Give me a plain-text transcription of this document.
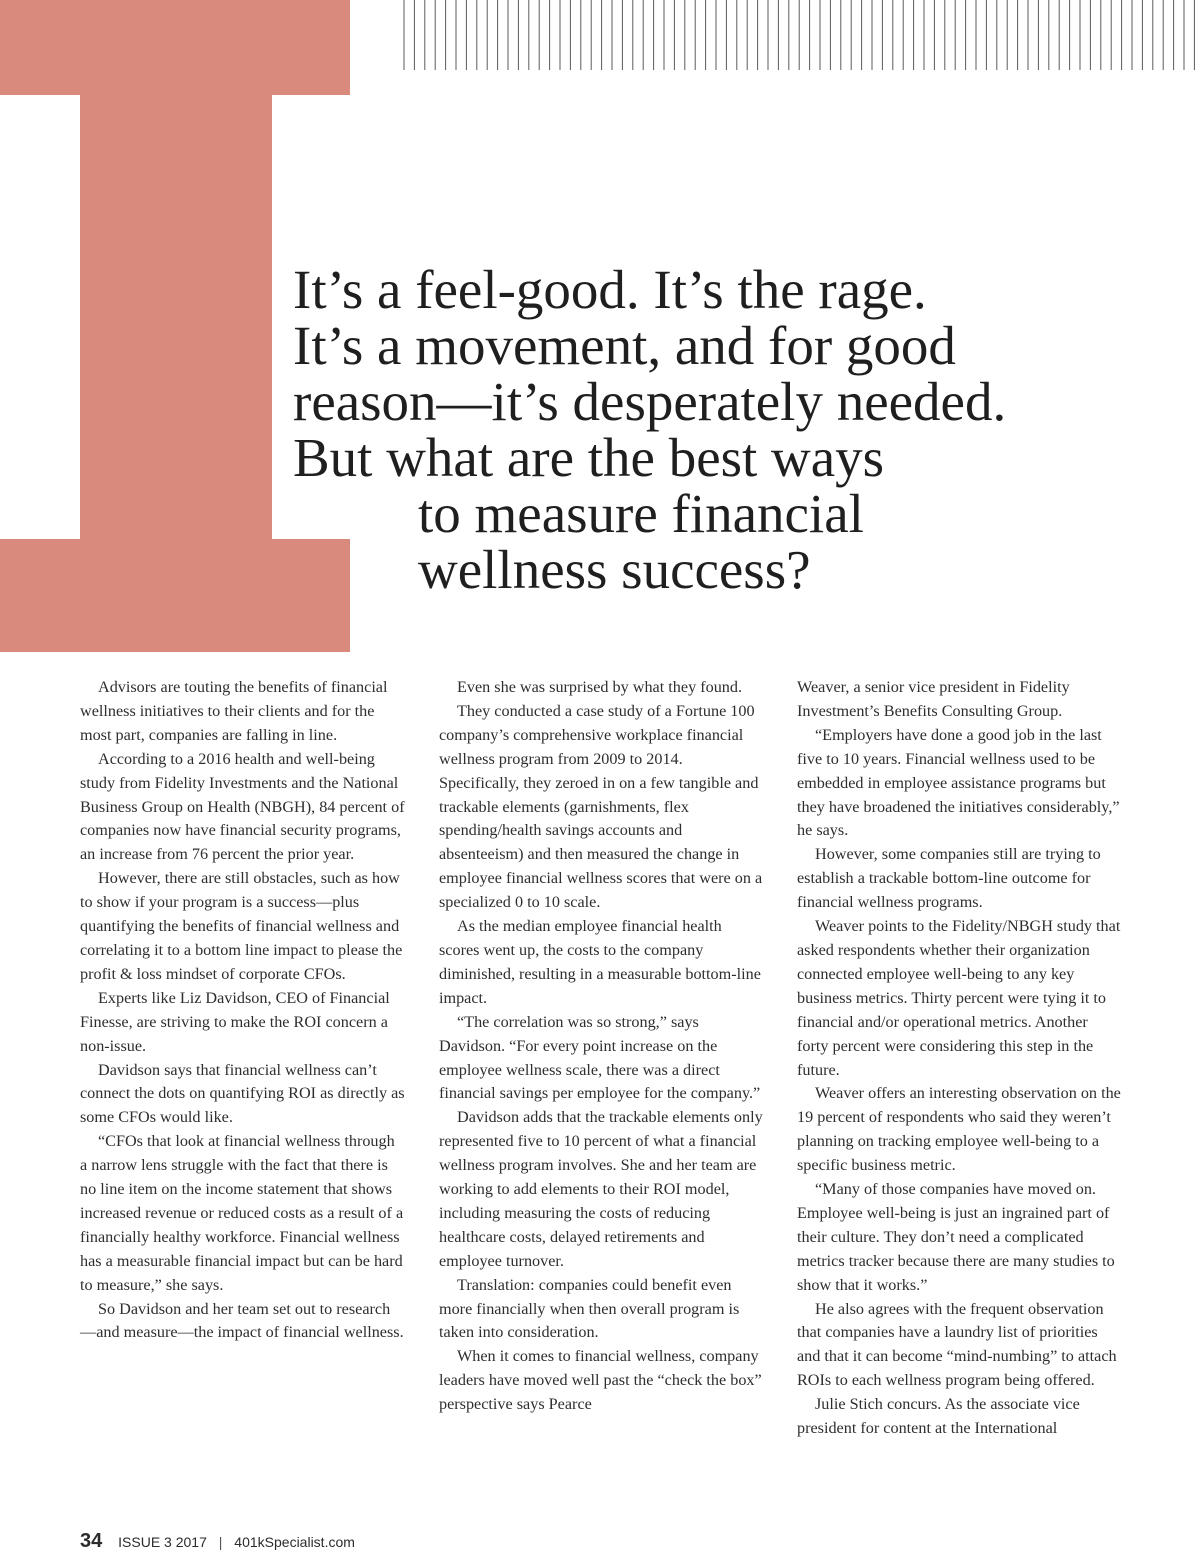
It’s a feel-good. It’s the rage.
It’s a movement, and for good
reason—it’s desperately needed.
But what are the best ways
to measure financial
wellness success?

Advisors are touting the benefits of financial wellness initiatives to their clients and for the most part, companies are falling in line.

According to a 2016 health and well-being study from Fidelity Investments and the National Business Group on Health (NBGH), 84 percent of companies now have financial security programs, an increase from 76 percent the prior year.

However, there are still obstacles, such as how to show if your program is a success—plus quantifying the benefits of financial wellness and correlating it to a bottom line impact to please the profit & loss mindset of corporate CFOs.

Experts like Liz Davidson, CEO of Financial Finesse, are striving to make the ROI concern a non-issue.

Davidson says that financial wellness can’t connect the dots on quantifying ROI as directly as some CFOs would like.

“CFOs that look at financial wellness through a narrow lens struggle with the fact that there is no line item on the income statement that shows increased revenue or reduced costs as a result of a financially healthy workforce. Financial wellness has a measurable financial impact but can be hard to measure,” she says.

So Davidson and her team set out to research—and measure—the impact of financial wellness.

Even she was surprised by what they found.

They conducted a case study of a Fortune 100 company’s comprehensive workplace financial wellness program from 2009 to 2014. Specifically, they zeroed in on a few tangible and trackable elements (garnishments, flex spending/health savings accounts and absenteeism) and then measured the change in employee financial wellness scores that were on a specialized 0 to 10 scale.

As the median employee financial health scores went up, the costs to the company diminished, resulting in a measurable bottom-line impact.

“The correlation was so strong,” says Davidson. “For every point increase on the employee wellness scale, there was a direct financial savings per employee for the company.”

Davidson adds that the trackable elements only represented five to 10 percent of what a financial wellness program involves. She and her team are working to add elements to their ROI model, including measuring the costs of reducing healthcare costs, delayed retirements and employee turnover.

Translation: companies could benefit even more financially when then overall program is taken into consideration.

When it comes to financial wellness, company leaders have moved well past the “check the box” perspective says Pearce

Weaver, a senior vice president in Fidelity Investment’s Benefits Consulting Group.

“Employers have done a good job in the last five to 10 years. Financial wellness used to be embedded in employee assistance programs but they have broadened the initiatives considerably,” he says.

However, some companies still are trying to establish a trackable bottom-line outcome for financial wellness programs.

Weaver points to the Fidelity/NBGH study that asked respondents whether their organization connected employee well-being to any key business metrics. Thirty percent were tying it to financial and/or operational metrics. Another forty percent were considering this step in the future.

Weaver offers an interesting observation on the 19 percent of respondents who said they weren’t planning on tracking employee well-being to a specific business metric.

“Many of those companies have moved on. Employee well-being is just an ingrained part of their culture. They don’t need a complicated metrics tracker because there are many studies to show that it works.”

He also agrees with the frequent observation that companies have a laundry list of priorities and that it can become “mind-numbing” to attach ROIs to each wellness program being offered.

Julie Stich concurs. As the associate vice president for content at the International

34 ISSUE 3 2017 | 401kSpecialist.com
